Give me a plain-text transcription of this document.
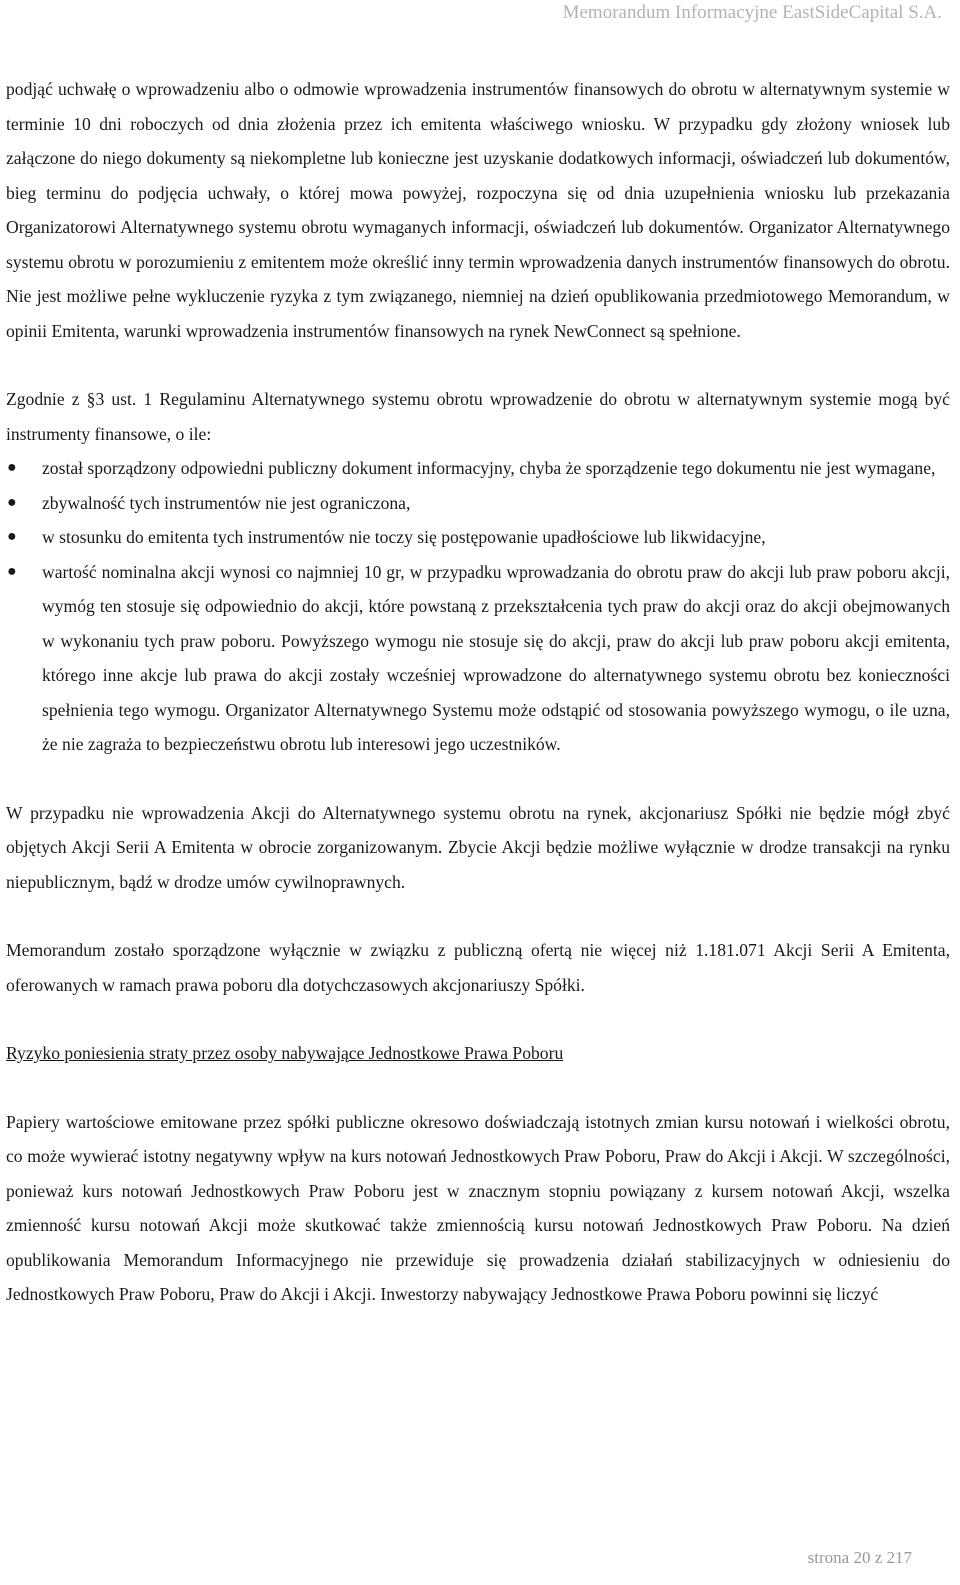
Memorandum Informacyjne EastSideCapital S.A.

podjąć uchwałę o wprowadzeniu albo o odmowie wprowadzenia instrumentów finansowych do obrotu w alternatywnym systemie w terminie 10 dni roboczych od dnia złożenia przez ich emitenta właściwego wniosku. W przypadku gdy złożony wniosek lub załączone do niego dokumenty są niekompletne lub konieczne jest uzyskanie dodatkowych informacji, oświadczeń lub dokumentów, bieg terminu do podjęcia uchwały, o której mowa powyżej, rozpoczyna się od dnia uzupełnienia wniosku lub przekazania Organizatorowi Alternatywnego systemu obrotu wymaganych informacji, oświadczeń lub dokumentów. Organizator Alternatywnego systemu obrotu w porozumieniu z emitentem może określić inny termin wprowadzenia danych instrumentów finansowych do obrotu. Nie jest możliwe pełne wykluczenie ryzyka z tym związanego, niemniej na dzień opublikowania przedmiotowego Memorandum, w opinii Emitenta, warunki wprowadzenia instrumentów finansowych na rynek NewConnect są spełnione.

Zgodnie z §3 ust. 1 Regulaminu Alternatywnego systemu obrotu wprowadzenie do obrotu w alternatywnym systemie mogą być instrumenty finansowe, o ile:

● został sporządzony odpowiedni publiczny dokument informacyjny, chyba że sporządzenie tego dokumentu nie jest wymagane,
● zbywalność tych instrumentów nie jest ograniczona,
● w stosunku do emitenta tych instrumentów nie toczy się postępowanie upadłościowe lub likwidacyjne,
● wartość nominalna akcji wynosi co najmniej 10 gr, w przypadku wprowadzania do obrotu praw do akcji lub praw poboru akcji, wymóg ten stosuje się odpowiednio do akcji, które powstaną z przekształcenia tych praw do akcji oraz do akcji obejmowanych w wykonaniu tych praw poboru. Powyższego wymogu nie stosuje się do akcji, praw do akcji lub praw poboru akcji emitenta, którego inne akcje lub prawa do akcji zostały wcześniej wprowadzone do alternatywnego systemu obrotu bez konieczności spełnienia tego wymogu. Organizator Alternatywnego Systemu może odstąpić od stosowania powyższego wymogu, o ile uzna, że nie zagraża to bezpieczeństwu obrotu lub interesowi jego uczestników.

W przypadku nie wprowadzenia Akcji do Alternatywnego systemu obrotu na rynek, akcjonariusz Spółki nie będzie mógł zbyć objętych Akcji Serii A Emitenta w obrocie zorganizowanym. Zbycie Akcji będzie możliwe wyłącznie w drodze transakcji na rynku niepublicznym, bądź w drodze umów cywilnoprawnych.

Memorandum zostało sporządzone wyłącznie w związku z publiczną ofertą nie więcej niż 1.181.071 Akcji Serii A Emitenta, oferowanych w ramach prawa poboru dla dotychczasowych akcjonariuszy Spółki.

Ryzyko poniesienia straty przez osoby nabywające Jednostkowe Prawa Poboru

Papiery wartościowe emitowane przez spółki publiczne okresowo doświadczają istotnych zmian kursu notowań i wielkości obrotu, co może wywierać istotny negatywny wpływ na kurs notowań Jednostkowych Praw Poboru, Praw do Akcji i Akcji. W szczególności, ponieważ kurs notowań Jednostkowych Praw Poboru jest w znacznym stopniu powiązany z kursem notowań Akcji, wszelka zmienność kursu notowań Akcji może skutkować także zmiennością kursu notowań Jednostkowych Praw Poboru. Na dzień opublikowania Memorandum Informacyjnego nie przewiduje się prowadzenia działań stabilizacyjnych w odniesieniu do Jednostkowych Praw Poboru, Praw do Akcji i Akcji. Inwestorzy nabywający Jednostkowe Prawa Poboru powinni się liczyć

strona 20 z 217
